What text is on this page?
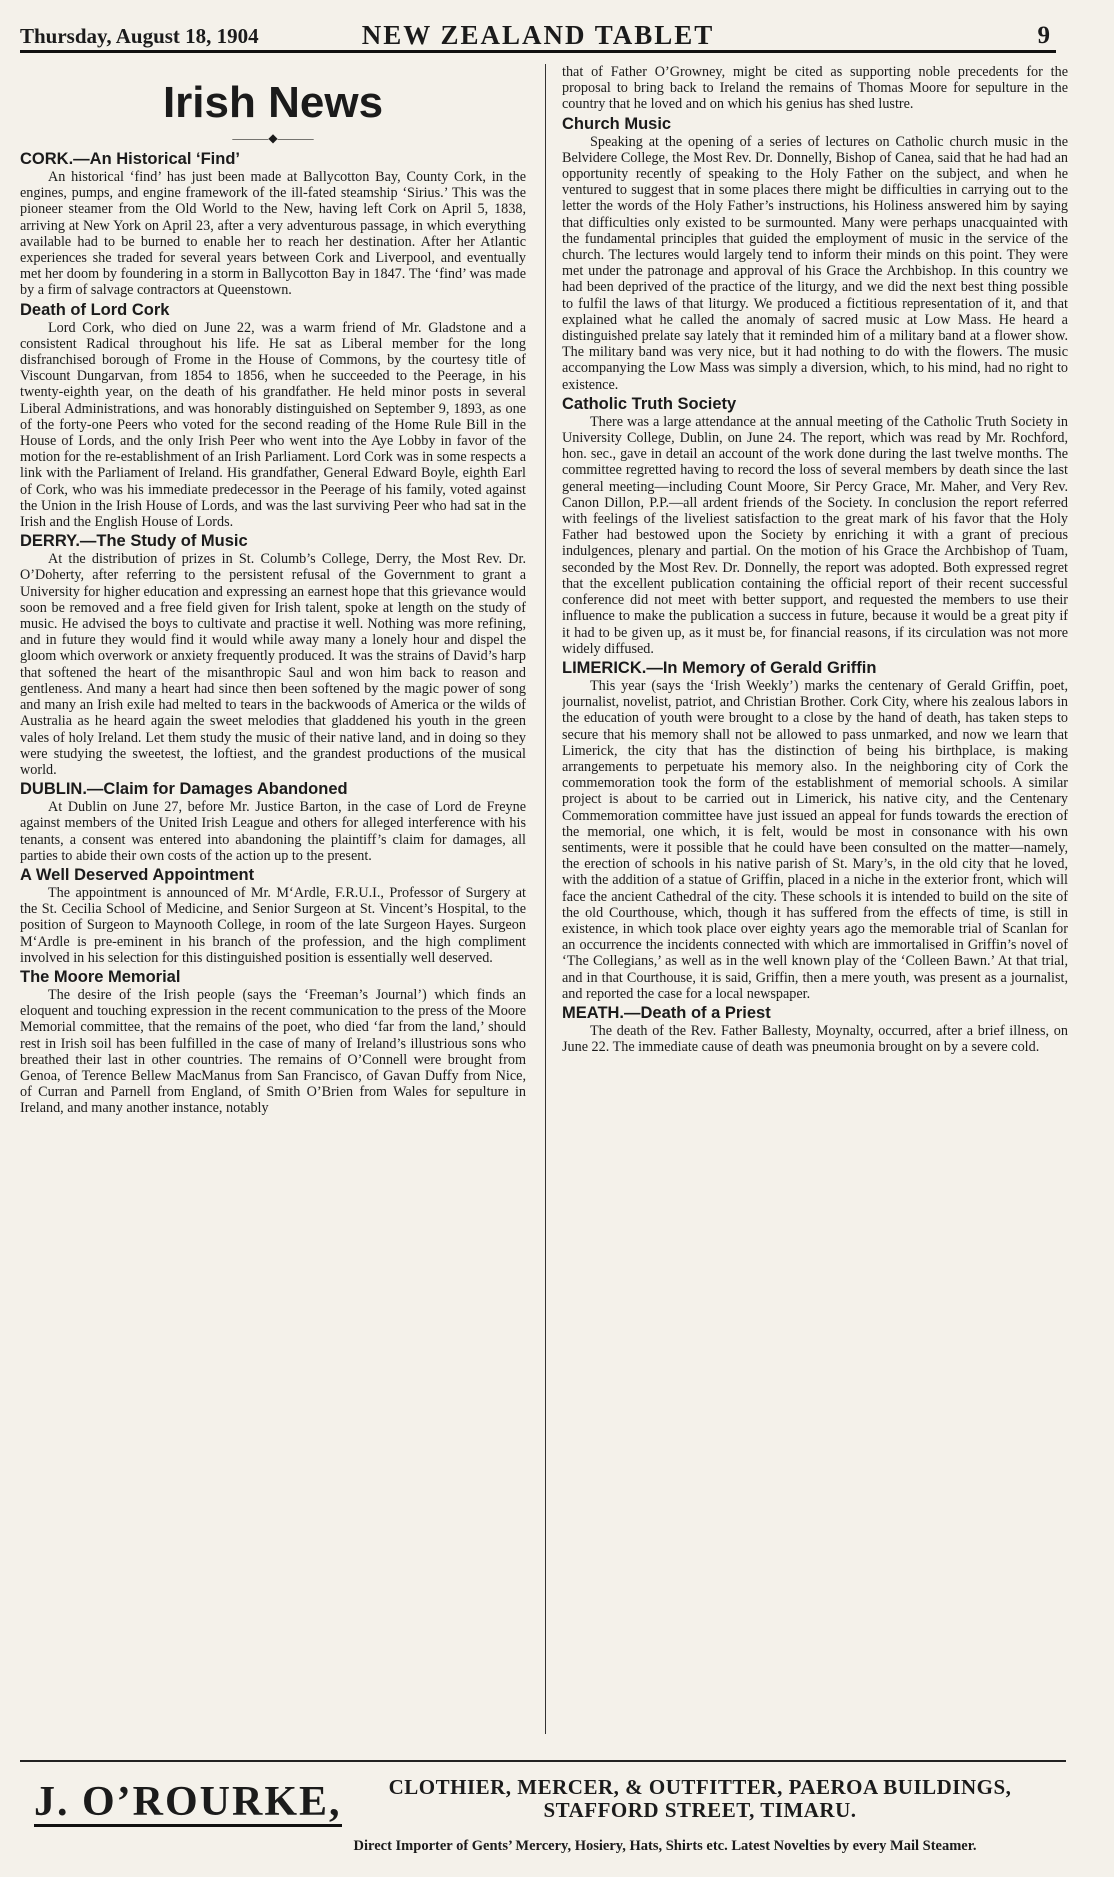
Thursday, August 18, 1904	NEW ZEALAND TABLET	9
Irish News
———◆———
CORK.—An Historical ‘Find’

An historical ‘find’ has just been made at Ballycotton Bay, County Cork, in the engines, pumps, and engine framework of the ill-fated steamship ‘Sirius.’ This was the pioneer steamer from the Old World to the New, having left Cork on April 5, 1838, arriving at New York on April 23, after a very adventurous passage, in which everything available had to be burned to enable her to reach her destination. After her Atlantic experiences she traded for several years between Cork and Liverpool, and eventually met her doom by foundering in a storm in Ballycotton Bay in 1847. The ‘find’ was made by a firm of salvage contractors at Queenstown.

Death of Lord Cork

Lord Cork, who died on June 22, was a warm friend of Mr. Gladstone and a consistent Radical throughout his life. He sat as Liberal member for the long disfranchised borough of Frome in the House of Commons, by the courtesy title of Viscount Dungarvan, from 1854 to 1856, when he succeeded to the Peerage, in his twenty-eighth year, on the death of his grandfather. He held minor posts in several Liberal Administrations, and was honorably distinguished on September 9, 1893, as one of the forty-one Peers who voted for the second reading of the Home Rule Bill in the House of Lords, and the only Irish Peer who went into the Aye Lobby in favor of the motion for the re-establishment of an Irish Parliament. Lord Cork was in some respects a link with the Parliament of Ireland. His grandfather, General Edward Boyle, eighth Earl of Cork, who was his immediate predecessor in the Peerage of his family, voted against the Union in the Irish House of Lords, and was the last surviving Peer who had sat in the Irish and the English House of Lords.

DERRY.—The Study of Music

At the distribution of prizes in St. Columb’s College, Derry, the Most Rev. Dr. O’Doherty, after referring to the persistent refusal of the Government to grant a University for higher education and expressing an earnest hope that this grievance would soon be removed and a free field given for Irish talent, spoke at length on the study of music. He advised the boys to cultivate and practise it well. Nothing was more refining, and in future they would find it would while away many a lonely hour and dispel the gloom which overwork or anxiety frequently produced. It was the strains of David’s harp that softened the heart of the misanthropic Saul and won him back to reason and gentleness. And many a heart had since then been softened by the magic power of song and many an Irish exile had melted to tears in the backwoods of America or the wilds of Australia as he heard again the sweet melodies that gladdened his youth in the green vales of holy Ireland. Let them study the music of their native land, and in doing so they were studying the sweetest, the loftiest, and the grandest productions of the musical world.

DUBLIN.—Claim for Damages Abandoned

At Dublin on June 27, before Mr. Justice Barton, in the case of Lord de Freyne against members of the United Irish League and others for alleged interference with his tenants, a consent was entered into abandoning the plaintiff’s claim for damages, all parties to abide their own costs of the action up to the present.

A Well Deserved Appointment

The appointment is announced of Mr. M‘Ardle, F.R.U.I., Professor of Surgery at the St. Cecilia School of Medicine, and Senior Surgeon at St. Vincent’s Hospital, to the position of Surgeon to Maynooth College, in room of the late Surgeon Hayes. Surgeon M‘Ardle is pre-eminent in his branch of the profession, and the high compliment involved in his selection for this distinguished position is essentially well deserved.

The Moore Memorial

The desire of the Irish people (says the ‘Freeman’s Journal’) which finds an eloquent and touching expression in the recent communication to the press of the Moore Memorial committee, that the remains of the poet, who died ‘far from the land,’ should rest in Irish soil has been fulfilled in the case of many of Ireland’s illustrious sons who breathed their last in other countries. The remains of O’Connell were brought from Genoa, of Terence Bellew MacManus from San Francisco, of Gavan Duffy from Nice, of Curran and Parnell from England, of Smith O’Brien from Wales for sepulture in Ireland, and many another instance, notably

that of Father O’Growney, might be cited as supporting noble precedents for the proposal to bring back to Ireland the remains of Thomas Moore for sepulture in the country that he loved and on which his genius has shed lustre.

Church Music

Speaking at the opening of a series of lectures on Catholic church music in the Belvidere College, the Most Rev. Dr. Donnelly, Bishop of Canea, said that he had had an opportunity recently of speaking to the Holy Father on the subject, and when he ventured to suggest that in some places there might be difficulties in carrying out to the letter the words of the Holy Father’s instructions, his Holiness answered him by saying that difficulties only existed to be surmounted. Many were perhaps unacquainted with the fundamental principles that guided the employment of music in the service of the church. The lectures would largely tend to inform their minds on this point. They were met under the patronage and approval of his Grace the Archbishop. In this country we had been deprived of the practice of the liturgy, and we did the next best thing possible to fulfil the laws of that liturgy. We produced a fictitious representation of it, and that explained what he called the anomaly of sacred music at Low Mass. He heard a distinguished prelate say lately that it reminded him of a military band at a flower show. The military band was very nice, but it had nothing to do with the flowers. The music accompanying the Low Mass was simply a diversion, which, to his mind, had no right to existence.

Catholic Truth Society

There was a large attendance at the annual meeting of the Catholic Truth Society in University College, Dublin, on June 24. The report, which was read by Mr. Rochford, hon. sec., gave in detail an account of the work done during the last twelve months. The committee regretted having to record the loss of several members by death since the last general meeting—including Count Moore, Sir Percy Grace, Mr. Maher, and Very Rev. Canon Dillon, P.P.—all ardent friends of the Society. In conclusion the report referred with feelings of the liveliest satisfaction to the great mark of his favor that the Holy Father had bestowed upon the Society by enriching it with a grant of precious indulgences, plenary and partial. On the motion of his Grace the Archbishop of Tuam, seconded by the Most Rev. Dr. Donnelly, the report was adopted. Both expressed regret that the excellent publication containing the official report of their recent successful conference did not meet with better support, and requested the members to use their influence to make the publication a success in future, because it would be a great pity if it had to be given up, as it must be, for financial reasons, if its circulation was not more widely diffused.

LIMERICK.—In Memory of Gerald Griffin

This year (says the ‘Irish Weekly’) marks the centenary of Gerald Griffin, poet, journalist, novelist, patriot, and Christian Brother. Cork City, where his zealous labors in the education of youth were brought to a close by the hand of death, has taken steps to secure that his memory shall not be allowed to pass unmarked, and now we learn that Limerick, the city that has the distinction of being his birthplace, is making arrangements to perpetuate his memory also. In the neighboring city of Cork the commemoration took the form of the establishment of memorial schools. A similar project is about to be carried out in Limerick, his native city, and the Centenary Commemoration committee have just issued an appeal for funds towards the erection of the memorial, one which, it is felt, would be most in consonance with his own sentiments, were it possible that he could have been consulted on the matter—namely, the erection of schools in his native parish of St. Mary’s, in the old city that he loved, with the addition of a statue of Griffin, placed in a niche in the exterior front, which will face the ancient Cathedral of the city. These schools it is intended to build on the site of the old Courthouse, which, though it has suffered from the effects of time, is still in existence, in which took place over eighty years ago the memorable trial of Scanlan for an occurrence the incidents connected with which are immortalised in Griffin’s novel of ‘The Collegians,’ as well as in the well known play of the ‘Colleen Bawn.’ At that trial, and in that Courthouse, it is said, Griffin, then a mere youth, was present as a journalist, and reported the case for a local newspaper.

MEATH.—Death of a Priest

The death of the Rev. Father Ballesty, Moynalty, occurred, after a brief illness, on June 22. The immediate cause of death was pneumonia brought on by a severe cold.

J. O’ROURKE,	CLOTHIER, MERCER, & OUTFITTER, PAEROA BUILDINGS, STAFFORD STREET, TIMARU.
Direct Importer of Gents’ Mercery, Hosiery, Hats, Shirts etc. Latest Novelties by every Mail Steamer.
